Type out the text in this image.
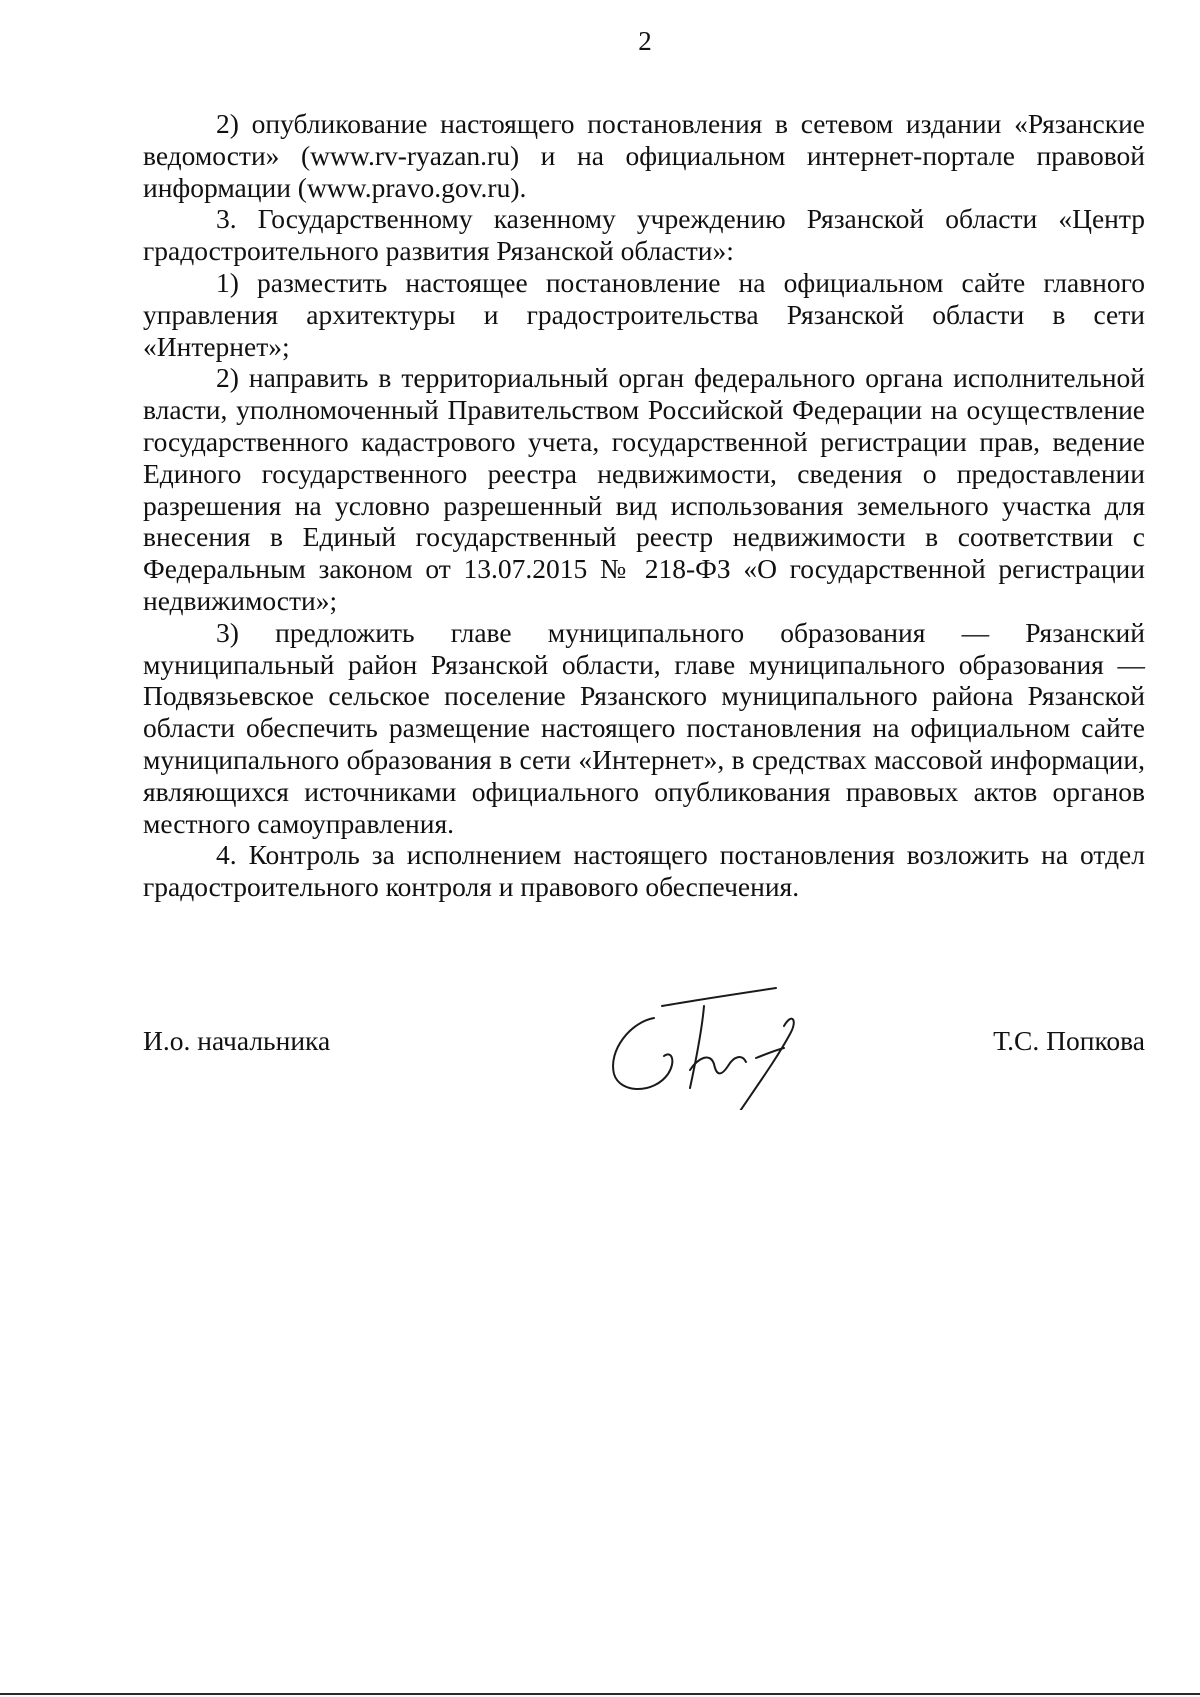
2

2) опубликование настоящего постановления в сетевом издании «Рязанские ведомости» (www.rv-ryazan.ru) и на официальном интернет-портале правовой информации (www.pravo.gov.ru).

3. Государственному казенному учреждению Рязанской области «Центр градостроительного развития Рязанской области»:

1) разместить настоящее постановление на официальном сайте главного управления архитектуры и градостроительства Рязанской области в сети «Интернет»;

2) направить в территориальный орган федерального органа исполнительной власти, уполномоченный Правительством Российской Федерации на осуществление государственного кадастрового учета, государственной регистрации прав, ведение Единого государственного реестра недвижимости, сведения о предоставлении разрешения на условно разрешенный вид использования земельного участка для внесения в Единый государственный реестр недвижимости в соответствии с Федеральным законом от 13.07.2015 № 218-ФЗ «О государственной регистрации недвижимости»;

3) предложить главе муниципального образования — Рязанский муниципальный район Рязанской области, главе муниципального образования — Подвязьевское сельское поселение Рязанского муниципального района Рязанской области обеспечить размещение настоящего постановления на официальном сайте муниципального образования в сети «Интернет», в средствах массовой информации, являющихся источниками официального опубликования правовых актов органов местного самоуправления.

4. Контроль за исполнением настоящего постановления возложить на отдел градостроительного контроля и правового обеспечения.

И.о. начальника	Т.С. Попкова
